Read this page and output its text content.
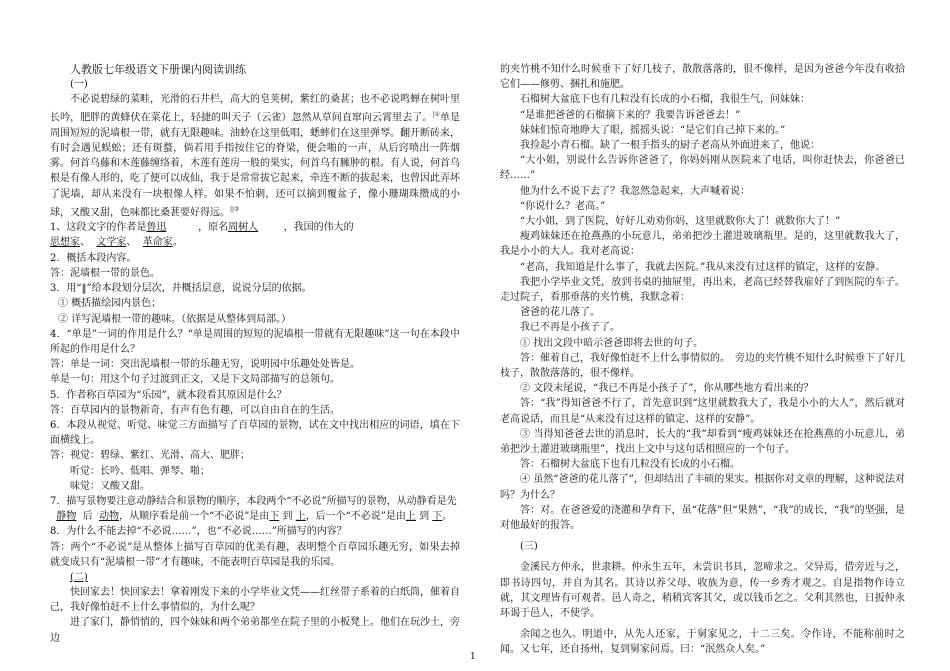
人教版七年级语文下册课内阅读训练

(一)

不必说碧绿的菜畦，光滑的石井栏，高大的皂荚树，紫红的桑葚；也不必说鸣蝉在树叶里长吟，肥胖的黄蜂伏在菜花上，轻捷的叫天子（云雀）忽然从草间直窜向云霄里去了。|①单是周围短短的泥墙根一带，就有无限趣味。油蛉在这里低唱，蟋蟀们在这里弹琴。翻开断砖来，有时会遇见蜈蚣；还有斑蝥，倘若用手指按住它的脊梁，便会啪的一声，从后窍喷出一阵烟雾。何首乌藤和木莲藤缠络着，木莲有莲房一般的果实，何首乌有臃肿的根。有人说，何首乌根是有像人形的，吃了便可以成仙，我于是常常拔它起来，牵连不断的拔起来，也曾因此弄坏了泥墙，却从来没有一块根像人样。如果不怕刺，还可以摘到覆盆子，像小珊瑚珠攒成的小球，又酸又甜，色味都比桑葚要好得远。||②

1、这段文字的作者是鲁迅	，原名周树人	，我国的伟大的
思想家、 文学家、 革命家。

2．概括本段内容。

答：泥墙根一带的景色。

3．用“‖”给本段划分层次，并概括层意，说说分层的依据。

① 概括描绘园内景色；

② 详写泥墙根一带的趣味。（依据是从整体到局部。）

4．“单是”一词的作用是什么？“单是周围的短短的泥墙根一带就有无限趣味”这一句在本段中所起的作用是什么？

答：单是一词：突出泥墙根一带的乐趣无穷，说明园中乐趣处处皆是。

单是一句：用这个句子过渡到正文，又是下文局部描写的总领句。

5．作者称百草园为“乐园”，就本段看其原因是什么？

答：百草园内的景物新奇，有声有色有趣，可以自由自在的生活。

6．本段从视觉、听觉、味觉三方面描写了百草园的景物，试在文中找出相应的词语，填在下面横线上。

答：视觉：碧绿、紫红、光滑、高大、肥胖；

听觉：长吟、低唱、弹琴、啪；

味觉：又酸又甜。

7．描写景物要注意动静结合和景物的顺序，本段两个“不必说”所描写的景物，从动静看是先
静物 后 动物，从顺序看是前一个“不必说”是由下 到 上，后一个“不必说”是由上 到 下。

8．为什么不能去掉“不必说……”，也“不必说……”所描写的内容？

答：两个“不必说”是从整体上描写百草园的优美有趣，表明整个百草园乐趣无穷，如果去掉就变成只有“泥墙根一带”才有趣味，不能表明百草园是我的乐园。

(二)

快回家去！快回家去！拿着刚发下来的小学毕业文凭——红丝带子系着的白纸筒，催着自己，我好像怕赶不上什么事情似的，为什么呢？

进了家门，静悄悄的，四个妹妹和两个弟弟都坐在院子里的小板凳上。他们在玩沙土，旁边

的夹竹桃不知什么时候垂下了好几枝子，散散落落的，很不像样，是因为爸爸今年没有收拾它们——修剪、捆扎和施肥。

石榴树大盆底下也有几粒没有长成的小石榴，我很生气，问妹妹：

“是谁把爸爸的石榴摘下来的？我要告诉爸爸去！”

妹妹们惊奇地睁大了眼，摇摇头说：“是它们自己掉下来的。”

我捡起小青石榴。缺了一根手指头的厨子老高从外面进来了，他说：

“大小姐，别说什么告诉你爸爸了，你妈妈刚从医院来了电话，叫你赶快去，你爸爸已经……”

他为什么不说下去了？我忽然急起来，大声喊着说：

“你说什么？老高。”

“大小姐，到了医院，好好儿劝劝你妈，这里就数你大了！就数你大了！”

瘦鸡妹妹还在抢燕燕的小玩意儿，弟弟把沙土灌进玻璃瓶里。是的，这里就数我大了，我是小小的大人。我对老高说：

“老高，我知道是什么事了，我就去医院。”我从来没有过这样的镇定，这样的安静。

我把小学毕业文凭，放到书桌的抽屉里，再出来，老高已经替我雇好了到医院的车子。走过院子，看那垂落的夹竹桃，我默念着：

爸爸的花儿落了。

我已不再是小孩子了。

① 找出文段中暗示爸爸即将去世的句子。

答：催着自己，我好像怕赶不上什么事情似的。　旁边的夹竹桃不知什么时候垂下了好几枝子，散散落落的，很不像样。

② 文段末尾说，“我已不再是小孩子了”，你从哪些地方看出来的？

答：“我”得知爸爸不行了，首先意识到“这里就数我大了，我是小小的大人”，然后就对老高说话，而且是“从来没有过这样的镇定、这样的安静”。

③ 当得知爸爸去世的消息时，长大的“我”却看到“瘦鸡妹妹还在抢燕燕的小玩意儿，弟弟把沙土灌进玻璃瓶里”，找出上文中与这句话相照应的一个句子。

答：石榴树大盆底下也有几粒没有长成的小石榴。

④ 虽然“爸爸的花儿落了”，但却结出了丰硕的果实。根据你对文章的理解，这种说法对吗？为什么？

答：对。在爸爸爱的浇灌和孕育下，虽“花落”但“果熟”，“我”的成长，“我”的坚强，是对他最好的报答。

(三)

金溪民方仲永，世隶耕。仲永生五年，未尝识书具，忽啼求之。父异焉，借旁近与之，即书诗四句，并自为其名。其诗以养父母、收族为意，传一乡秀才观之。自是指物作诗立就，其文理皆有可观者。邑人奇之，稍稍宾客其父，或以钱币乞之。父利其然也，日扳仲永环谒于邑人，不使学。

余闻之也久。明道中，从先人还家，于舅家见之，十二三矣。令作诗，不能称前时之闻。又七年，还自扬州，复到舅家问焉。曰：“泯然众人矣。”

1
